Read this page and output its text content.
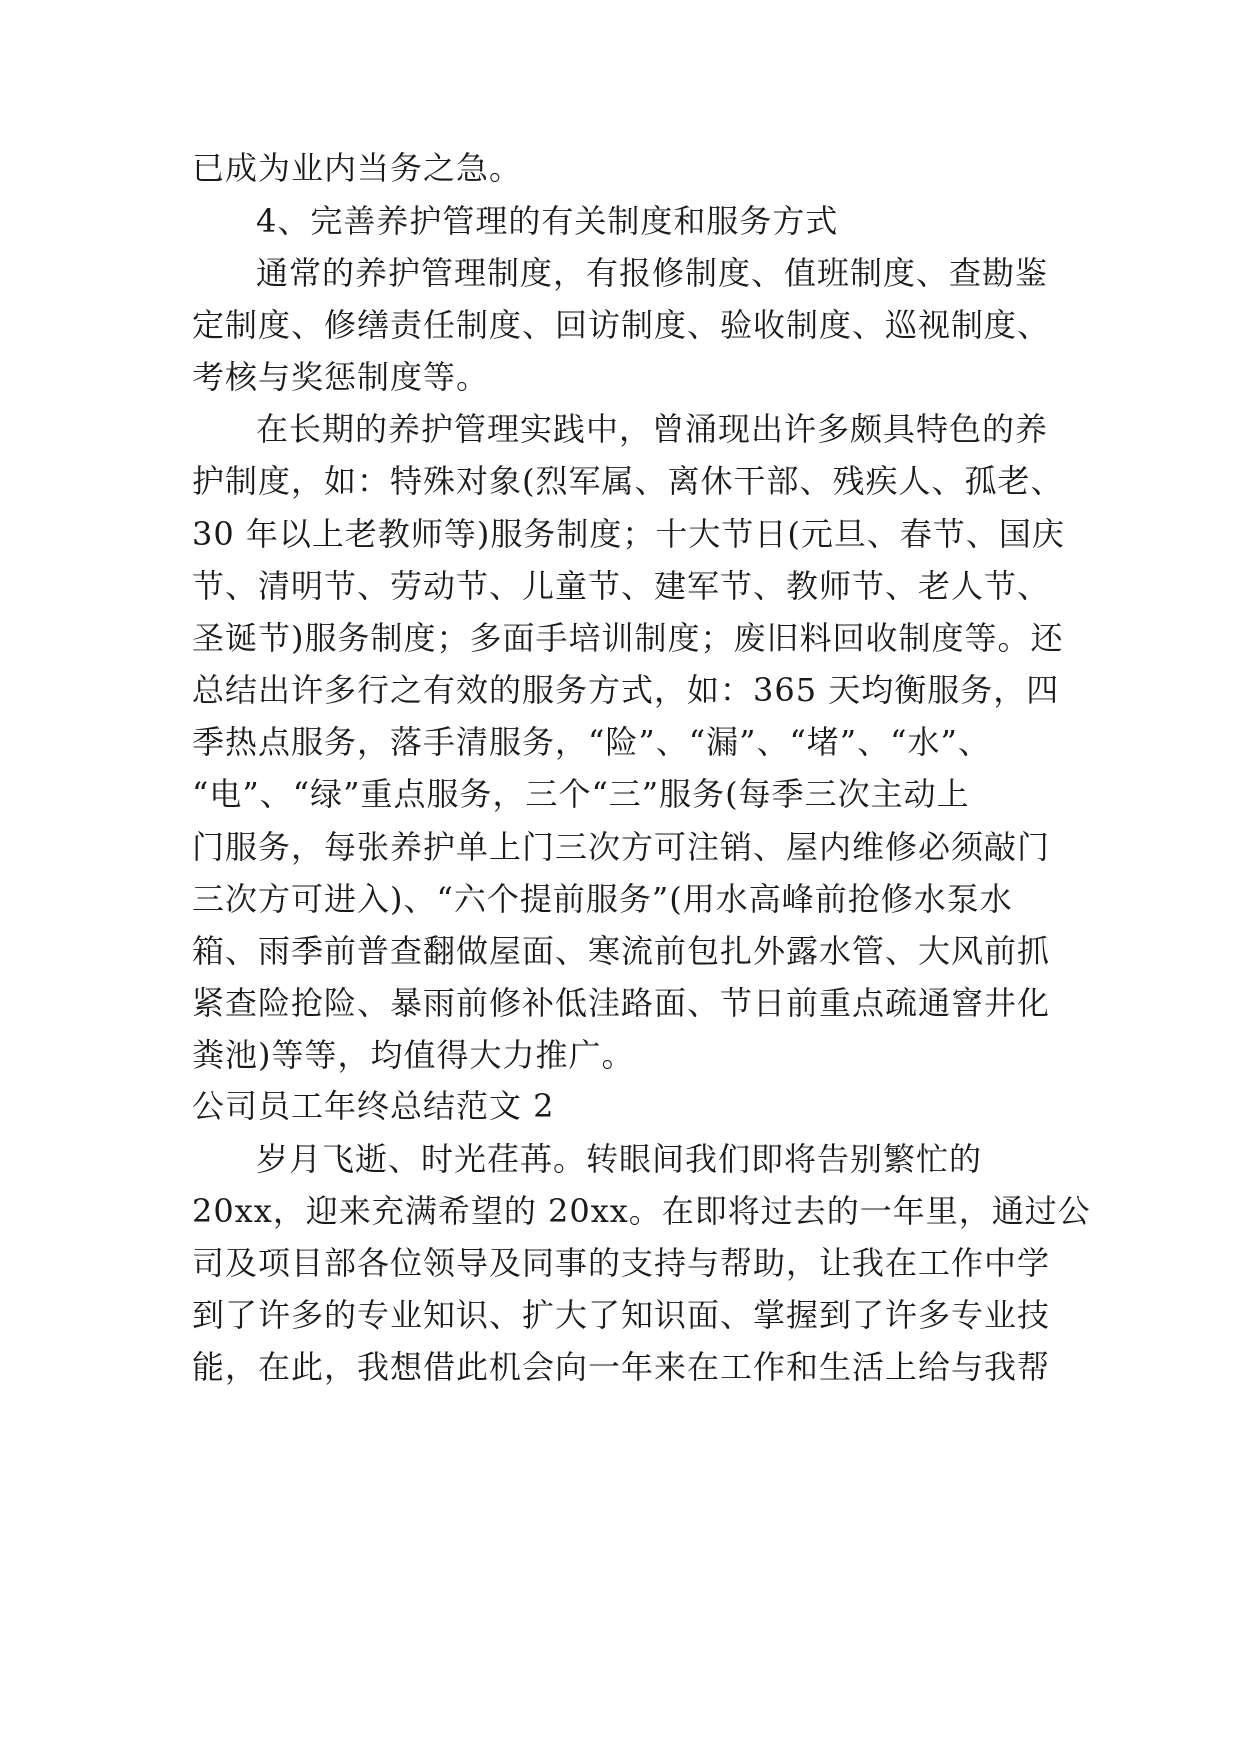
已成为业内当务之急。
4、完善养护管理的有关制度和服务方式
通常的养护管理制度，有报修制度、值班制度、查勘鉴
定制度、修缮责任制度、回访制度、验收制度、巡视制度、
考核与奖惩制度等。
在长期的养护管理实践中，曾涌现出许多颇具特色的养
护制度，如：特殊对象(烈军属、离休干部、残疾人、孤老、
30 年以上老教师等)服务制度；十大节日(元旦、春节、国庆
节、清明节、劳动节、儿童节、建军节、教师节、老人节、
圣诞节)服务制度；多面手培训制度；废旧料回收制度等。还
总结出许多行之有效的服务方式，如：365 天均衡服务，四
季热点服务，落手清服务，“险”、“漏”、“堵”、“水”、
“电”、“绿”重点服务，三个“三”服务(每季三次主动上
门服务，每张养护单上门三次方可注销、屋内维修必须敲门
三次方可进入)、“六个提前服务”(用水高峰前抢修水泵水
箱、雨季前普查翻做屋面、寒流前包扎外露水管、大风前抓
紧查险抢险、暴雨前修补低洼路面、节日前重点疏通窨井化
粪池)等等，均值得大力推广。
公司员工年终总结范文 2
岁月飞逝、时光荏苒。转眼间我们即将告别繁忙的
20xx，迎来充满希望的 20xx。在即将过去的一年里，通过公
司及项目部各位领导及同事的支持与帮助，让我在工作中学
到了许多的专业知识、扩大了知识面、掌握到了许多专业技
能，在此，我想借此机会向一年来在工作和生活上给与我帮
